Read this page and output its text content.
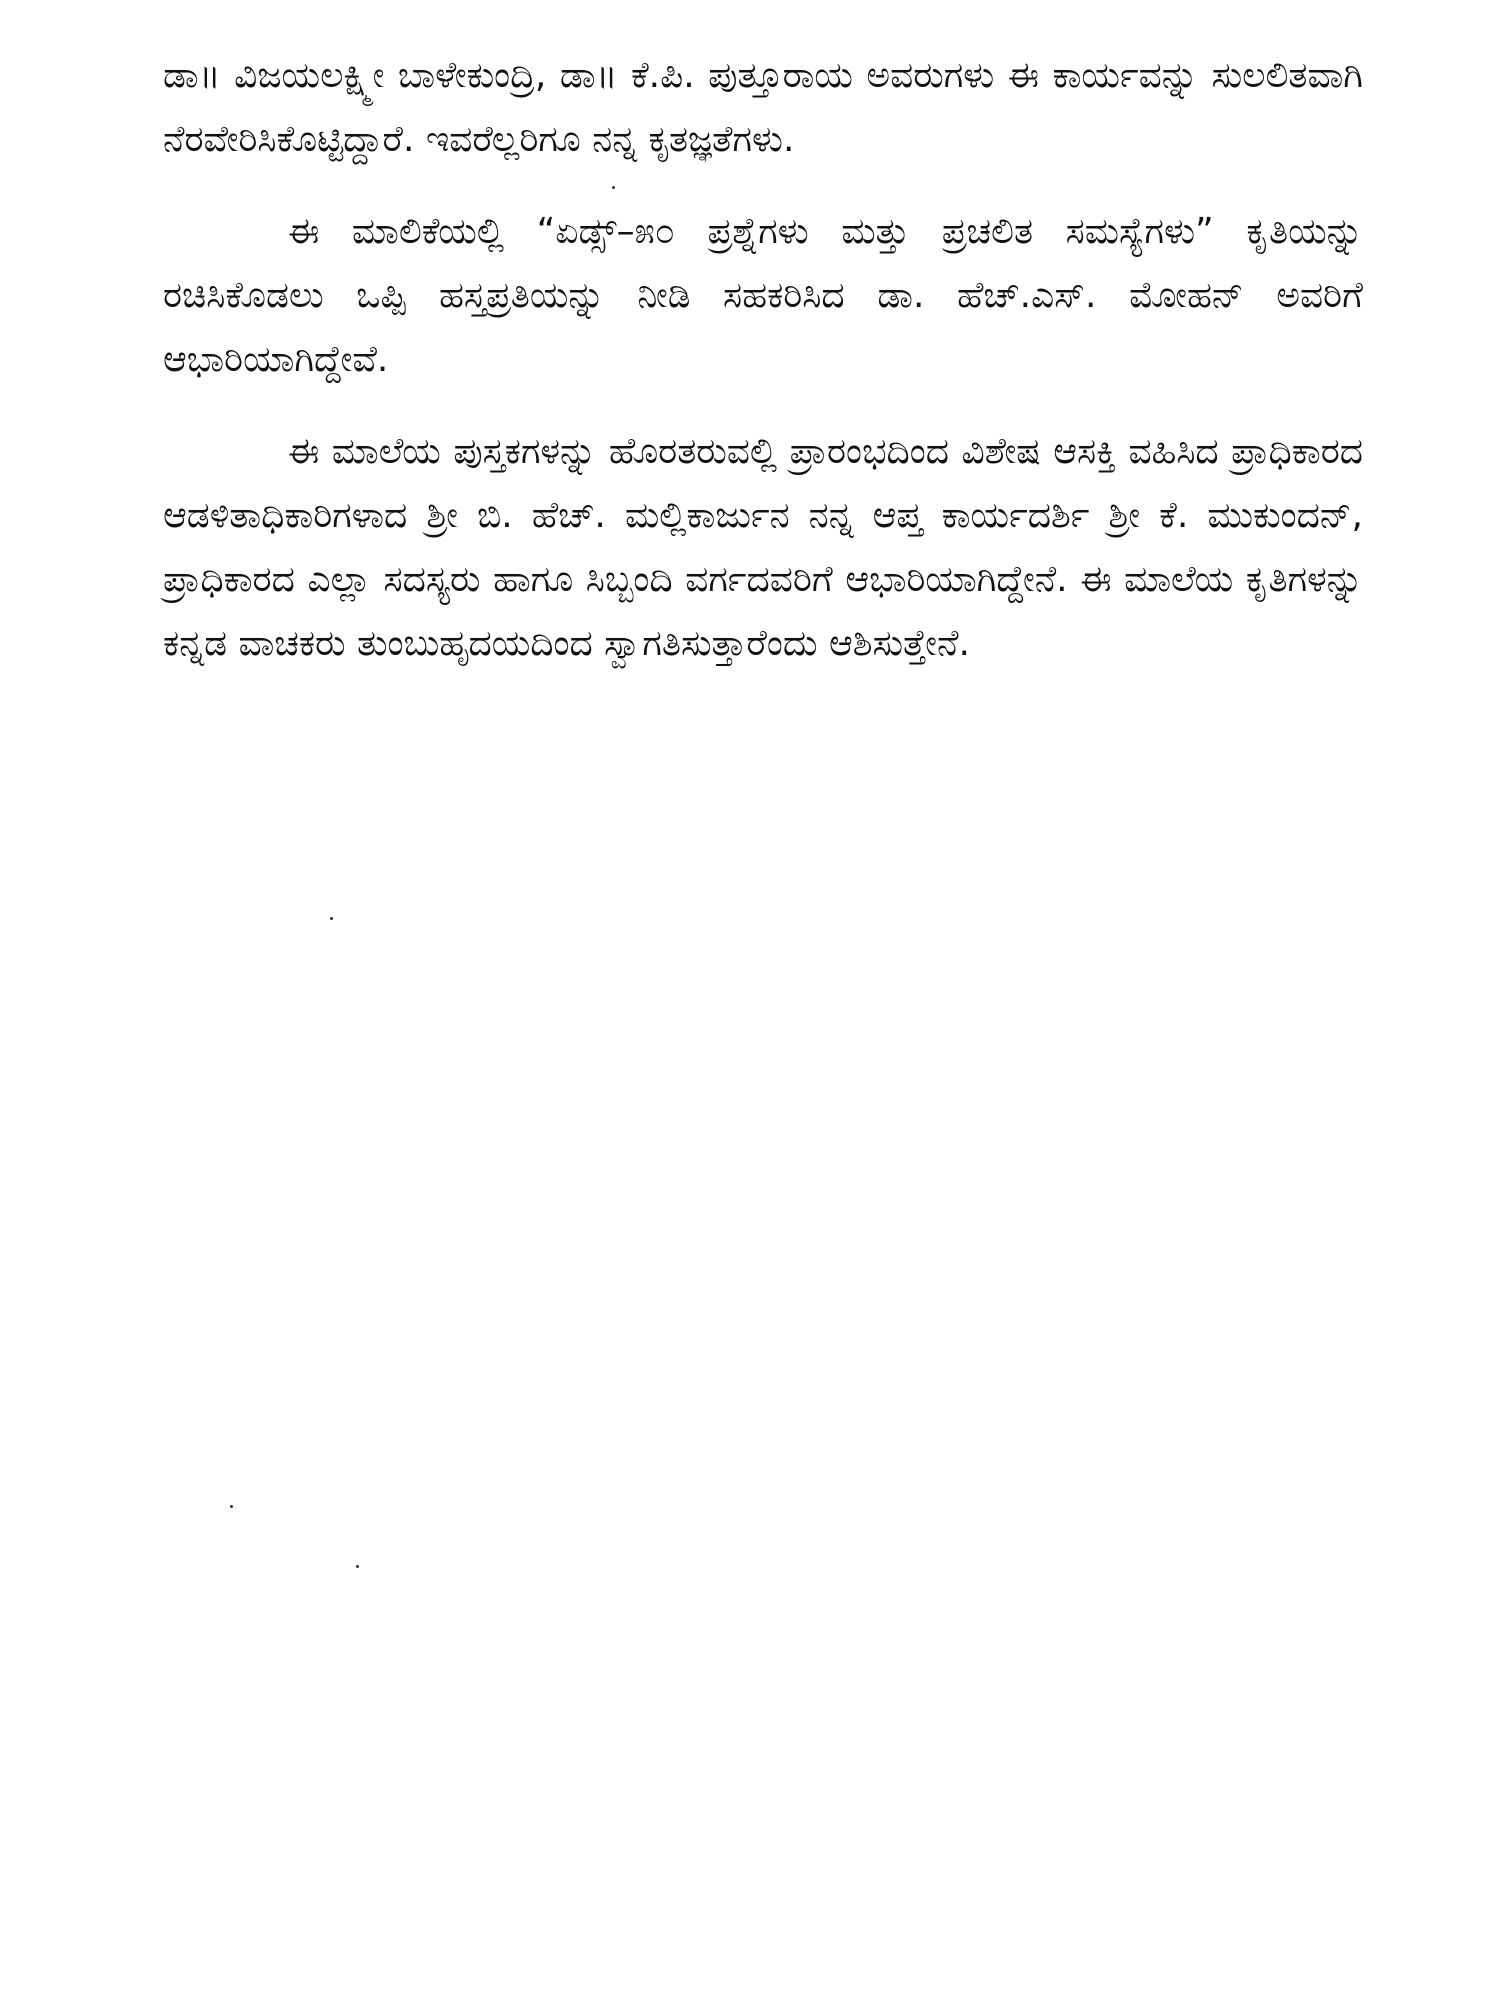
ಡಾ॥ ವಿಜಯಲಕ್ಷ್ಮೀ ಬಾಳೇಕುಂದ್ರಿ, ಡಾ॥ ಕೆ.ಪಿ. ಪುತ್ತೂರಾಯ ಅವರುಗಳು ಈ ಕಾರ್ಯವನ್ನು ಸುಲಲಿತವಾಗಿ ನೆರವೇರಿಸಿಕೊಟ್ಟಿದ್ದಾರೆ. ಇವರೆಲ್ಲರಿಗೂ ನನ್ನ ಕೃತಜ್ಞತೆಗಳು.

ಈ ಮಾಲಿಕೆಯಲ್ಲಿ “ಏಡ್ಸ್–೫೦ ಪ್ರಶ್ನೆಗಳು ಮತ್ತು ಪ್ರಚಲಿತ ಸಮಸ್ಯೆಗಳು” ಕೃತಿಯನ್ನು ರಚಿಸಿಕೊಡಲು ಒಪ್ಪಿ ಹಸ್ತಪ್ರತಿಯನ್ನು ನೀಡಿ ಸಹಕರಿಸಿದ ಡಾ. ಹೆಚ್.ಎಸ್. ಮೋಹನ್ ಅವರಿಗೆ ಆಭಾರಿಯಾಗಿದ್ದೇವೆ.

ಈ ಮಾಲೆಯ ಪುಸ್ತಕಗಳನ್ನು ಹೊರತರುವಲ್ಲಿ ಪ್ರಾರಂಭದಿಂದ ವಿಶೇಷ ಆಸಕ್ತಿ ವಹಿಸಿದ ಪ್ರಾಧಿಕಾರದ ಆಡಳಿತಾಧಿಕಾರಿಗಳಾದ ಶ್ರೀ ಬಿ. ಹೆಚ್. ಮಲ್ಲಿಕಾರ್ಜುನ ನನ್ನ ಆಪ್ತ ಕಾರ್ಯದರ್ಶಿ ಶ್ರೀ ಕೆ. ಮುಕುಂದನ್, ಪ್ರಾಧಿಕಾರದ ಎಲ್ಲಾ ಸದಸ್ಯರು ಹಾಗೂ ಸಿಬ್ಬಂದಿ ವರ್ಗದವರಿಗೆ ಆಭಾರಿಯಾಗಿದ್ದೇನೆ. ಈ ಮಾಲೆಯ ಕೃತಿಗಳನ್ನು ಕನ್ನಡ ವಾಚಕರು ತುಂಬುಹೃದಯದಿಂದ ಸ್ವಾಗತಿಸುತ್ತಾರೆಂದು ಆಶಿಸುತ್ತೇನೆ.
